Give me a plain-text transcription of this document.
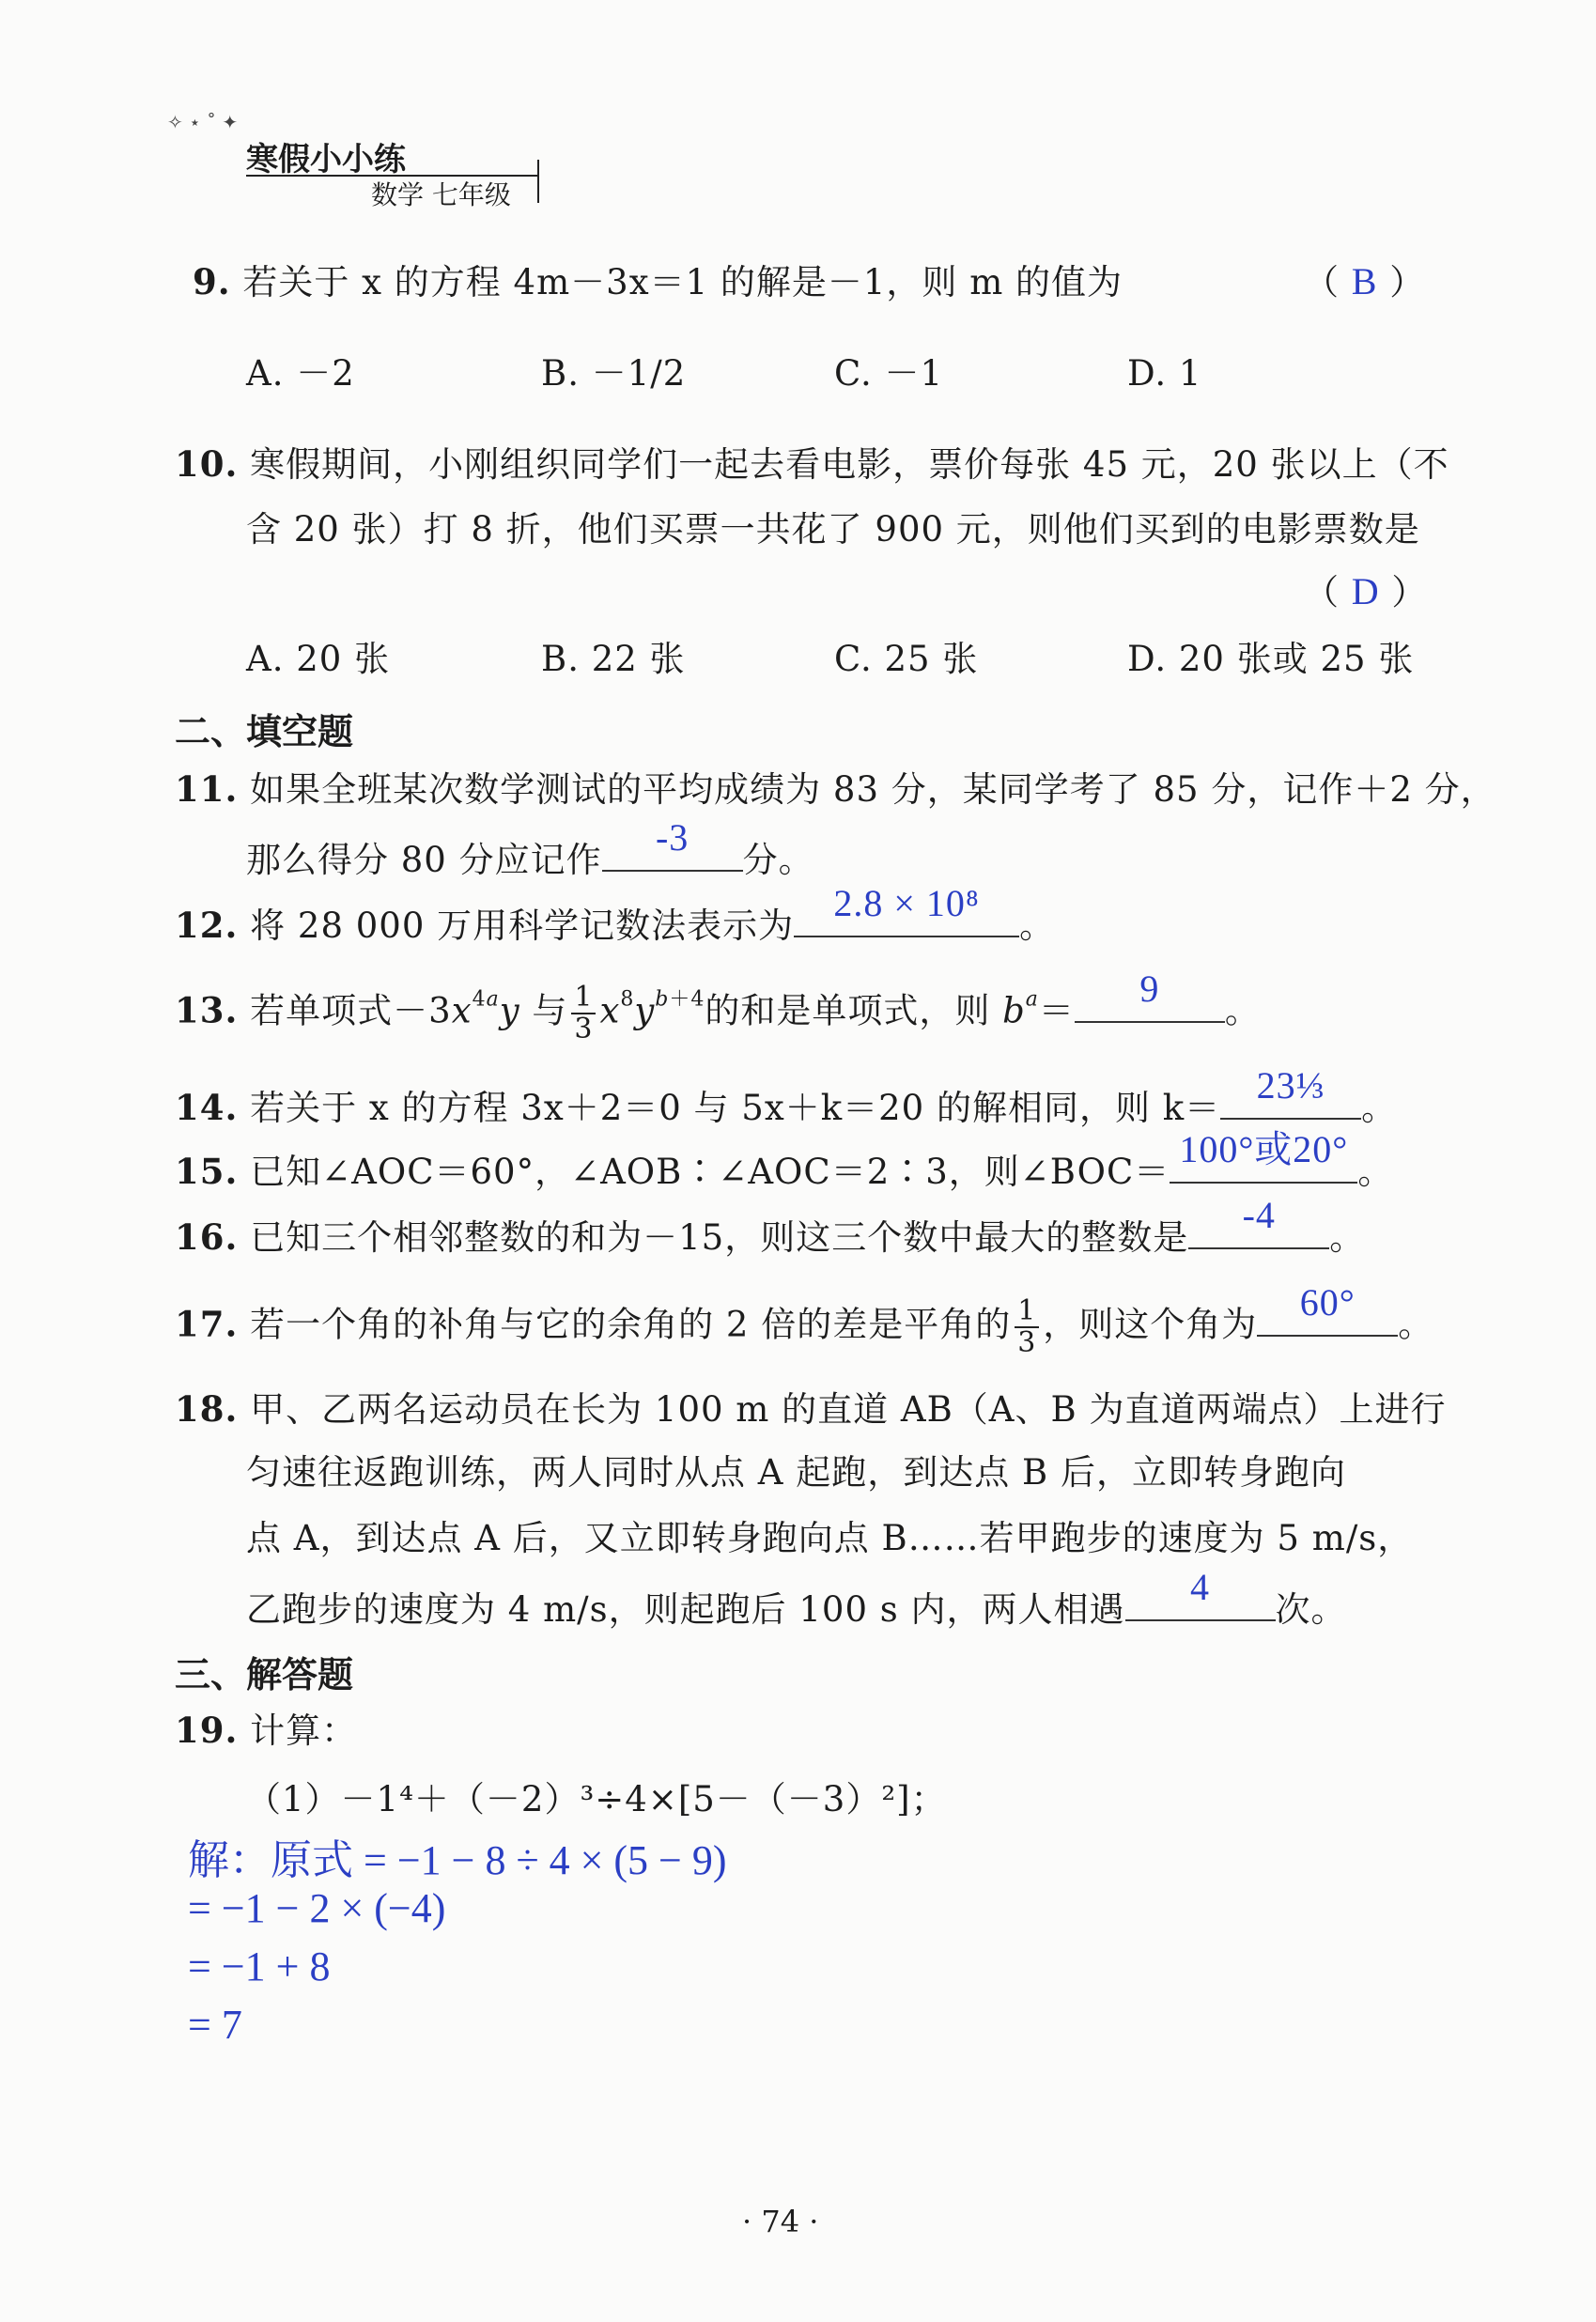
✧ ⋆ ˚ ✦
寒假小小练
数学 七年级
9. 若关于 x 的方程 4m－3x＝1 的解是－1，则 m 的值为	（ B ）
A. －2	B. －1/2	C. －1	D. 1
10. 寒假期间，小刚组织同学们一起去看电影，票价每张 45 元，20 张以上（不
含 20 张）打 8 折，他们买票一共花了 900 元，则他们买到的电影票数是
（ D ）
A. 20 张	B. 22 张	C. 25 张	D. 20 张或 25 张
二、填空题
11. 如果全班某次数学测试的平均成绩为 83 分，某同学考了 85 分，记作＋2 分，
那么得分 80 分应记作
-3
分。
12. 将 28 000 万用科学记数法表示为
2.8 × 10⁸
。
13. 若单项式$-3x^{4a}y$ 与 $\frac{1}{3} x^8y^{b+4}$的和是单项式，则 $b^a=$
9
。
14. 若关于 x 的方程 3x＋2＝0 与 5x＋k＝20 的解相同，则 k＝
23⅓
。
15. 已知∠AOC＝60°，∠AOB∶∠AOC＝2∶3，则∠BOC＝
100°或20°
。
16. 已知三个相邻整数的和为－15，则这三个数中最大的整数是
-4
。
17. 若一个角的补角与它的余角的 2 倍的差是平角的 $\frac{1}{3}$ ，则这个角为
60°
。
18. 甲、乙两名运动员在长为 100 m 的直道 AB（A、B 为直道两端点）上进行
匀速往返跑训练，两人同时从点 A 起跑，到达点 B 后，立即转身跑向
点 A，到达点 A 后，又立即转身跑向点 B……若甲跑步的速度为 5 m/s，
乙跑步的速度为 4 m/s，则起跑后 100 s 内，两人相遇
4
次。
三、解答题
19. 计算：
（1）－1⁴＋（－2）³÷4×[5－（－3）²]；
解：原式 = −1 − 8 ÷ 4 × (5 − 9)
= −1 − 2 × (−4)
= −1 + 8
= 7
· 74 ·
